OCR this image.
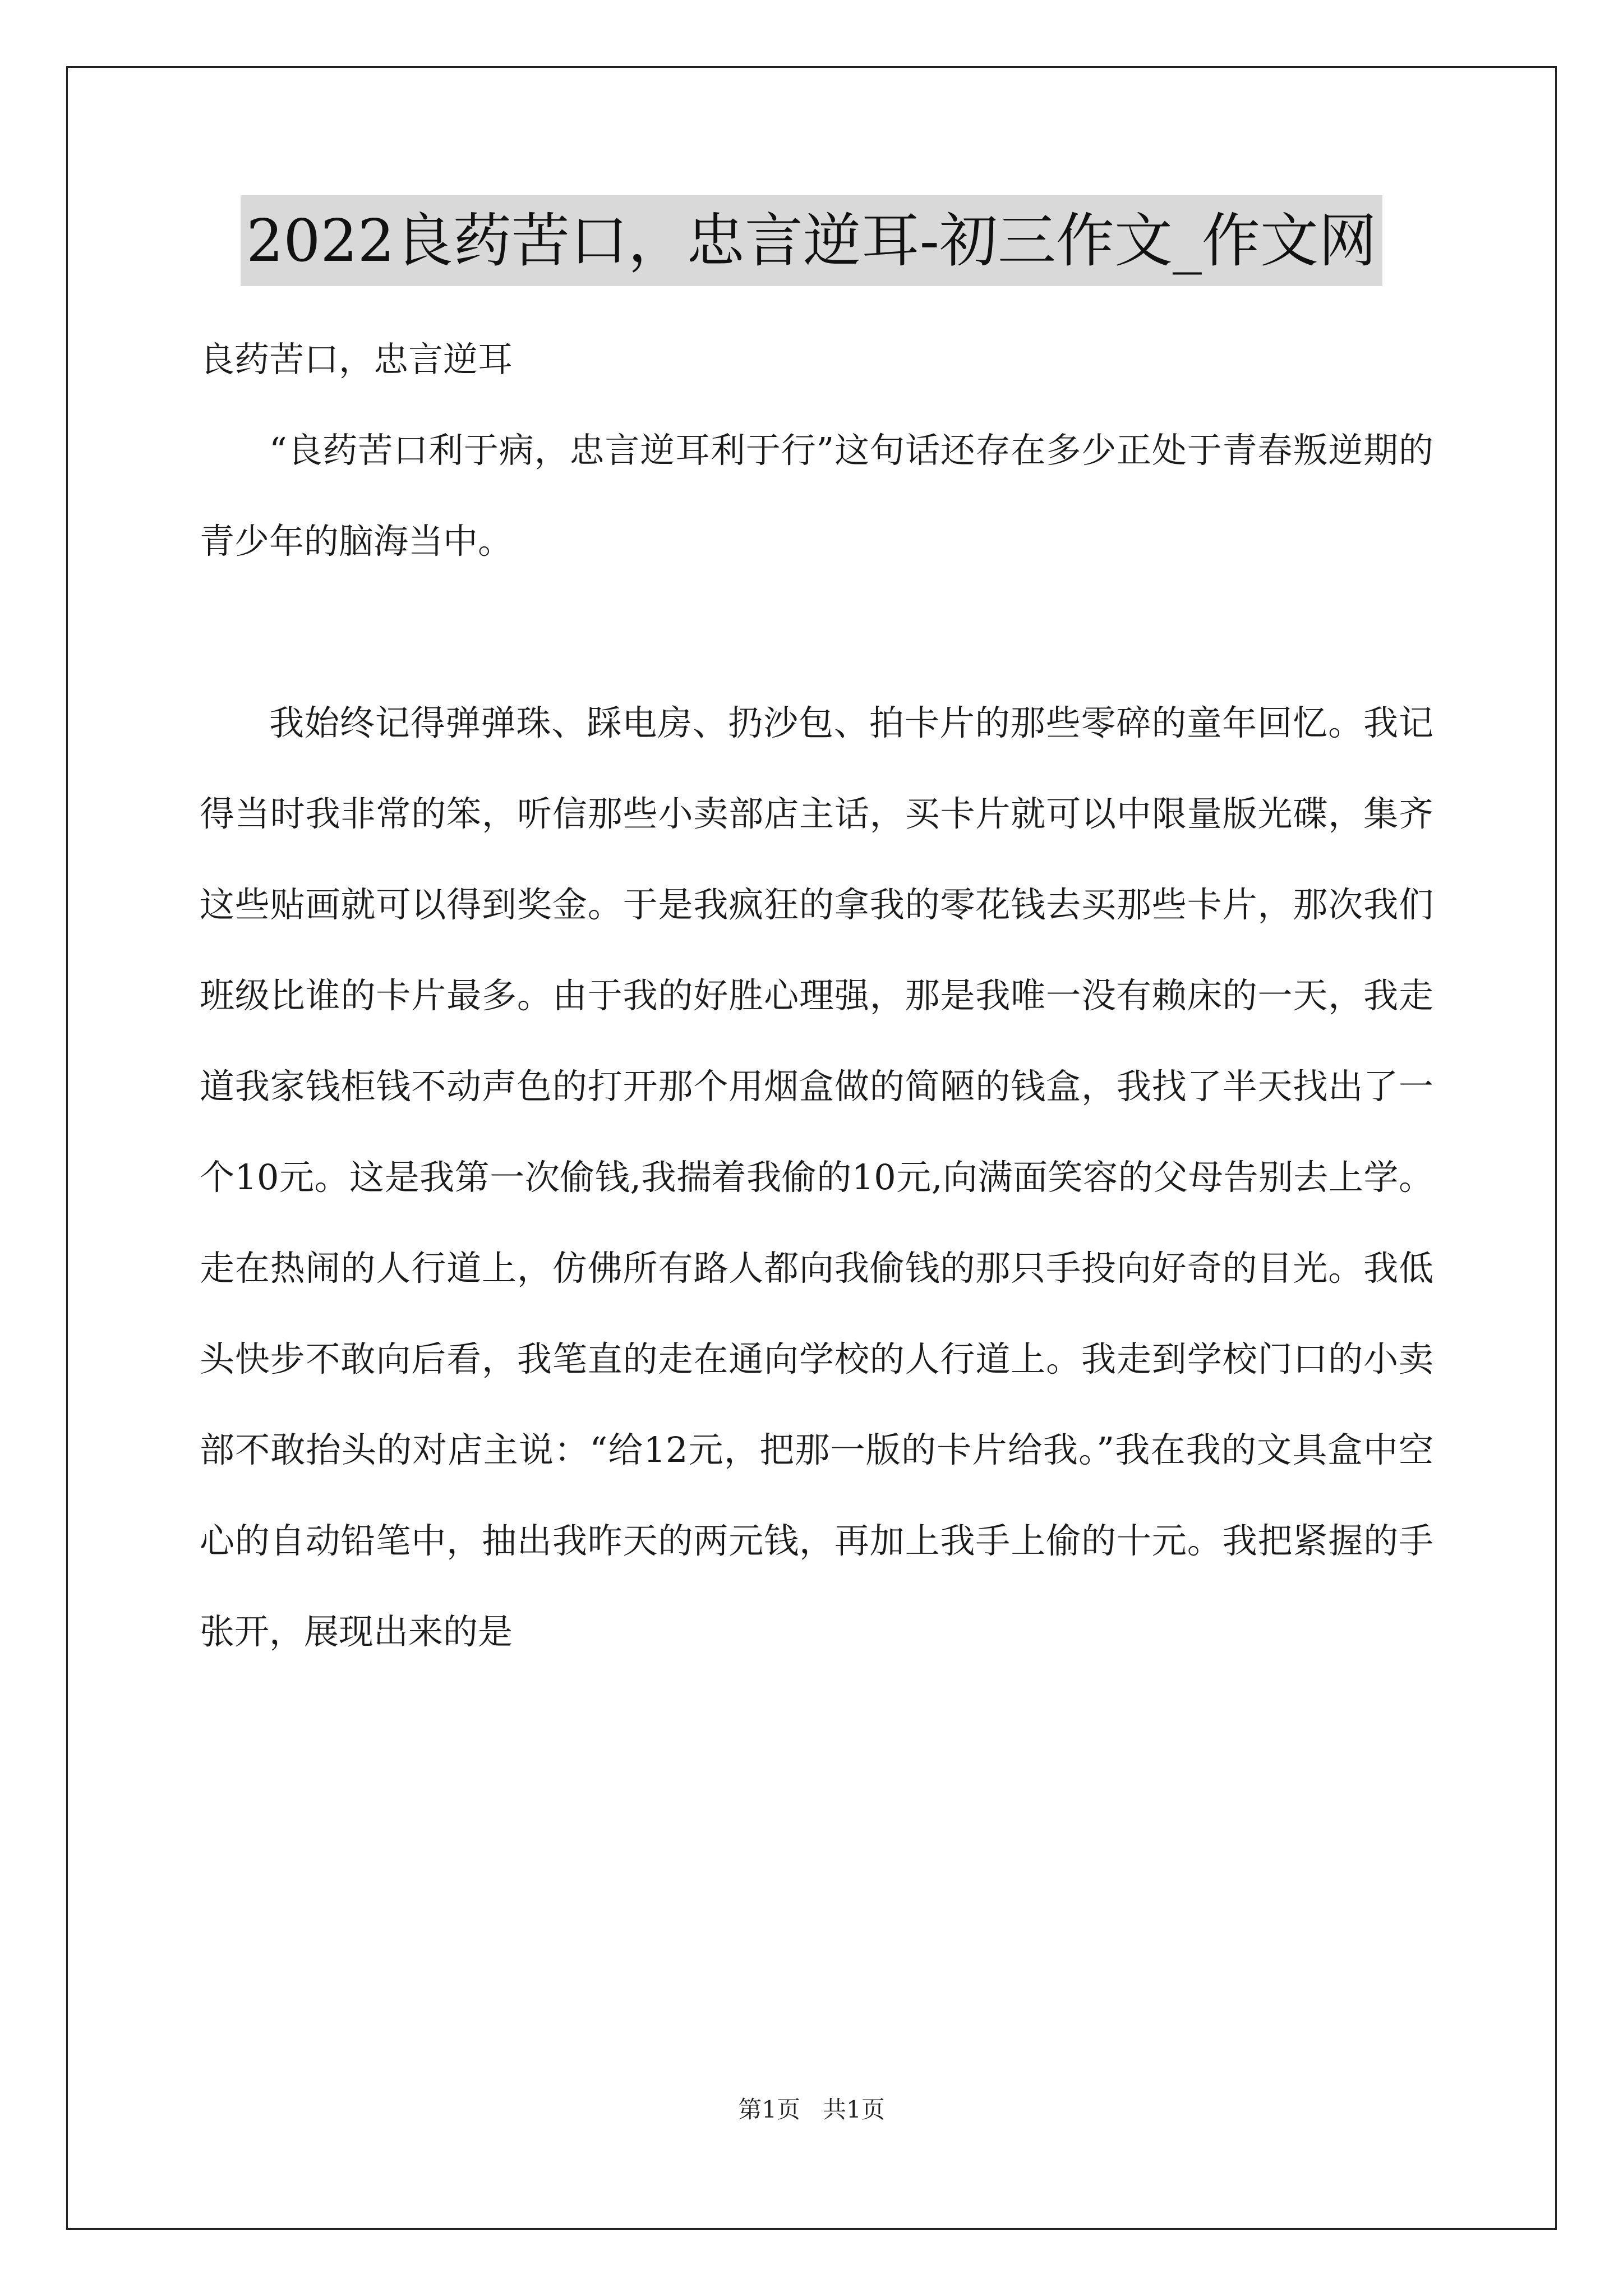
2022良药苦口，忠言逆耳-初三作文_作文网

良药苦口，忠言逆耳

“良药苦口利于病，忠言逆耳利于行”这句话还存在多少正处于青春叛逆期的青少年的脑海当中。

我始终记得弹弹珠、踩电房、扔沙包、拍卡片的那些零碎的童年回忆。我记得当时我非常的笨，听信那些小卖部店主话，买卡片就可以中限量版光碟，集齐这些贴画就可以得到奖金。于是我疯狂的拿我的零花钱去买那些卡片，那次我们班级比谁的卡片最多。由于我的好胜心理强，那是我唯一没有赖床的一天，我走道我家钱柜钱不动声色的打开那个用烟盒做的简陋的钱盒，我找了半天找出了一个10元。这是我第一次偷钱,我揣着我偷的10元,向满面笑容的父母告别去上学。走在热闹的人行道上，仿佛所有路人都向我偷钱的那只手投向好奇的目光。我低头快步不敢向后看，我笔直的走在通向学校的人行道上。我走到学校门口的小卖部不敢抬头的对店主说：“给12元，把那一版的卡片给我。”我在我的文具盒中空心的自动铅笔中，抽出我昨天的两元钱，再加上我手上偷的十元。我把紧握的手张开，展现出来的是

第1页   共1页
